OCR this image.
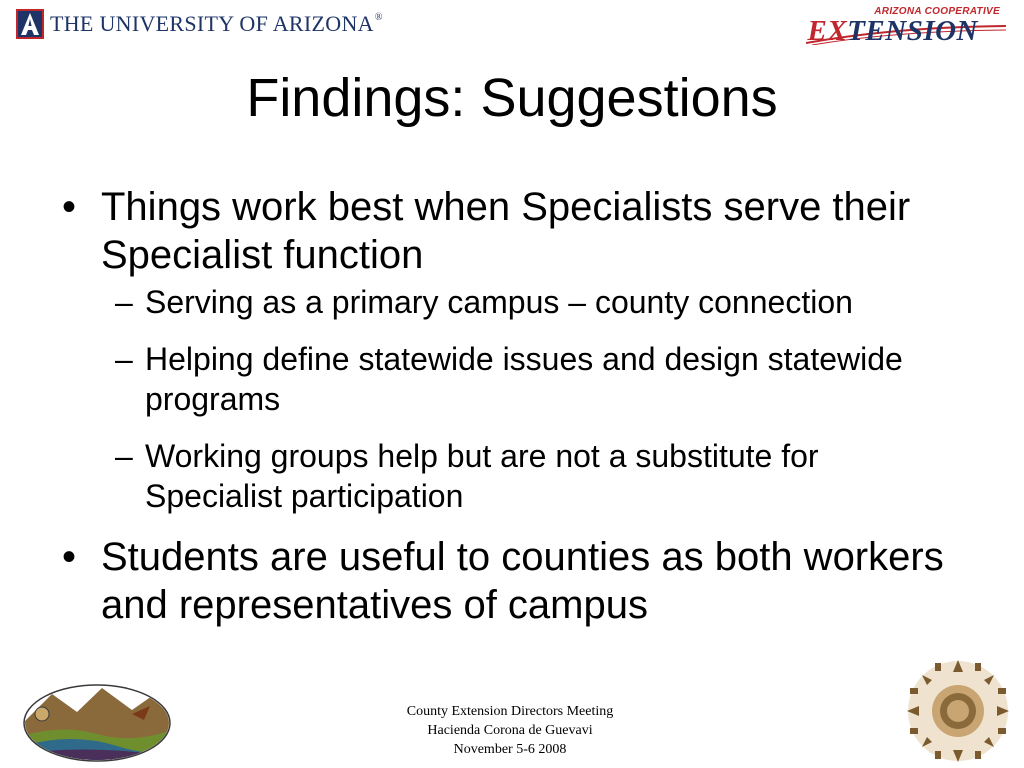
THE UNIVERSITY OF ARIZONA®
ARIZONA COOPERATIVE
EXTENSION
Findings: Suggestions
• Things work best when Specialists serve their Specialist function
– Serving as a primary campus – county connection
– Helping define statewide issues and design statewide programs
– Working groups help but are not a substitute for Specialist participation
• Students are useful to counties as both workers and representatives of campus
County Extension Directors Meeting
Hacienda Corona de Guevavi
November 5-6 2008
